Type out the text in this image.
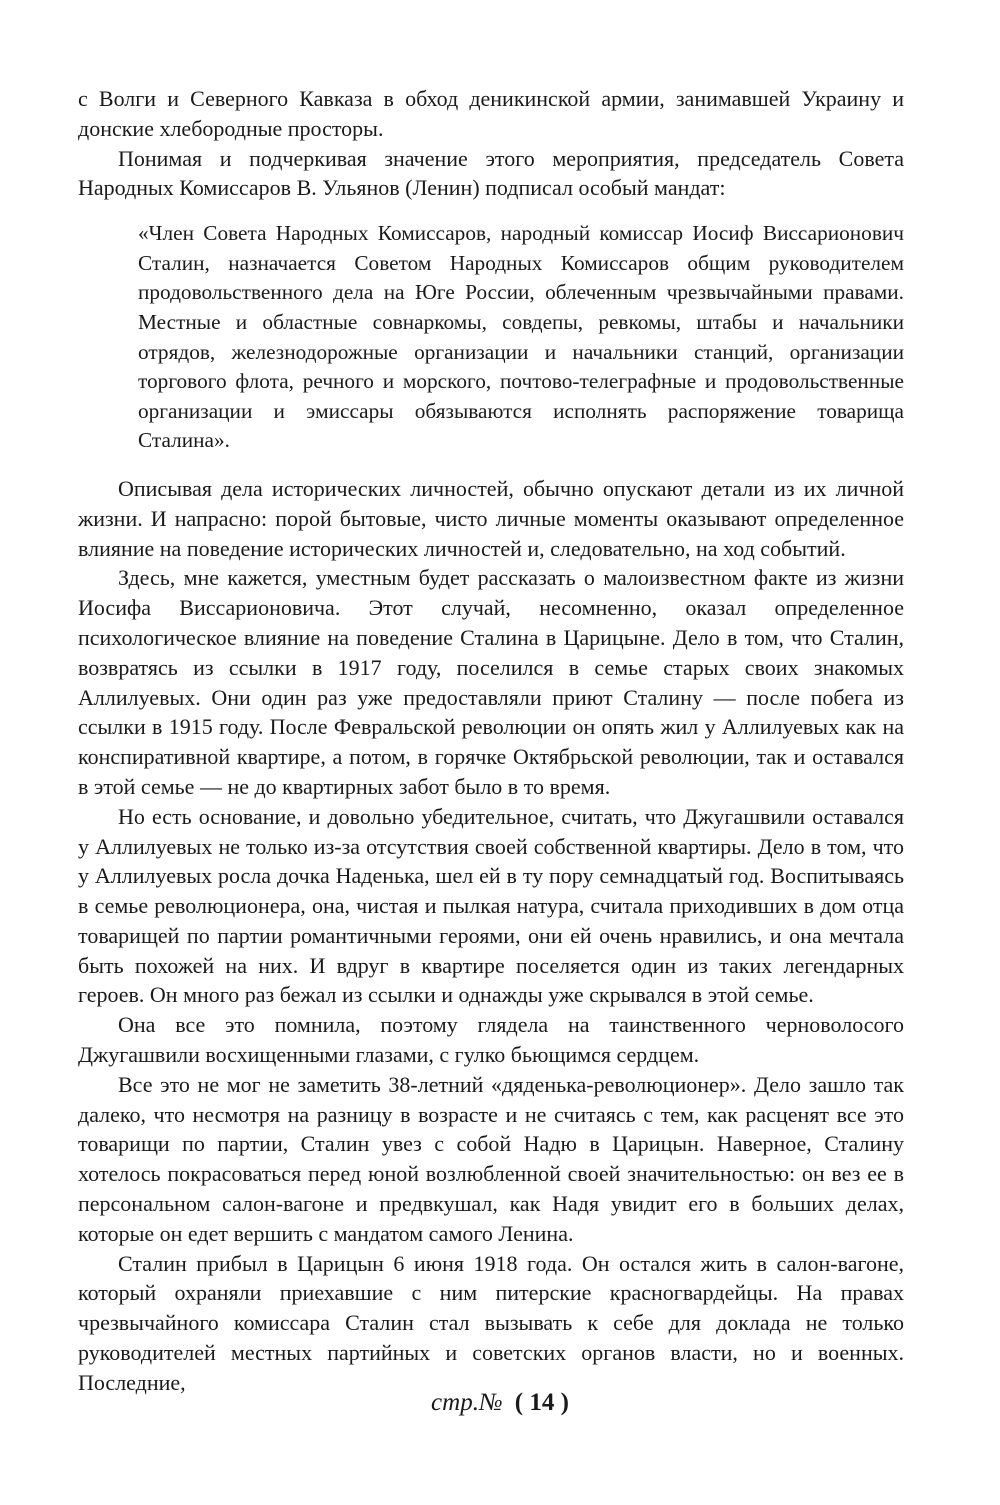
с Волги и Северного Кавказа в обход деникинской армии, занимавшей Украину и донские хлебородные просторы.

Понимая и подчеркивая значение этого мероприятия, председатель Совета Народных Комиссаров В. Ульянов (Ленин) подписал особый мандат:

«Член Совета Народных Комиссаров, народный комиссар Иосиф Виссарионович Сталин, назначается Советом Народных Комиссаров общим руководителем продовольственного дела на Юге России, облеченным чрезвычайными правами. Местные и областные совнаркомы, совдепы, ревкомы, штабы и начальники отрядов, железнодорожные организации и начальники станций, организации торгового флота, речного и морского, почтово-телеграфные и продовольственные организации и эмиссары обязываются исполнять распоряжение товарища Сталина».

Описывая дела исторических личностей, обычно опускают детали из их личной жизни. И напрасно: порой бытовые, чисто личные моменты оказывают определенное влияние на поведение исторических личностей и, следовательно, на ход событий.

Здесь, мне кажется, уместным будет рассказать о малоизвестном факте из жизни Иосифа Виссарионовича. Этот случай, несомненно, оказал определенное психологическое влияние на поведение Сталина в Царицыне. Дело в том, что Сталин, возвратясь из ссылки в 1917 году, поселился в семье старых своих знакомых Аллилуевых. Они один раз уже предоставляли приют Сталину — после побега из ссылки в 1915 году. После Февральской революции он опять жил у Аллилуевых как на конспиративной квартире, а потом, в горячке Октябрьской революции, так и оставался в этой семье — не до квартирных забот было в то время.

Но есть основание, и довольно убедительное, считать, что Джугашвили оставался у Аллилуевых не только из-за отсутствия своей собственной квартиры. Дело в том, что у Аллилуевых росла дочка Наденька, шел ей в ту пору семнадцатый год. Воспитываясь в семье революционера, она, чистая и пылкая натура, считала приходивших в дом отца товарищей по партии романтичными героями, они ей очень нравились, и она мечтала быть похожей на них. И вдруг в квартире поселяется один из таких легендарных героев. Он много раз бежал из ссылки и однажды уже скрывался в этой семье.

Она все это помнила, поэтому глядела на таинственного черноволосого Джугашвили восхищенными глазами, с гулко бьющимся сердцем.

Все это не мог не заметить 38-летний «дяденька-революционер». Дело зашло так далеко, что несмотря на разницу в возрасте и не считаясь с тем, как расценят все это товарищи по партии, Сталин увез с собой Надю в Царицын. Наверное, Сталину хотелось покрасоваться перед юной возлюбленной своей значительностью: он вез ее в персональном салон-вагоне и предвкушал, как Надя увидит его в больших делах, которые он едет вершить с мандатом самого Ленина.

Сталин прибыл в Царицын 6 июня 1918 года. Он остался жить в салон-вагоне, который охраняли приехавшие с ним питерские красногвардейцы. На правах чрезвычайного комиссара Сталин стал вызывать к себе для доклада не только руководителей местных партийных и советских органов власти, но и военных. Последние,

стр.№ ( 14 )
